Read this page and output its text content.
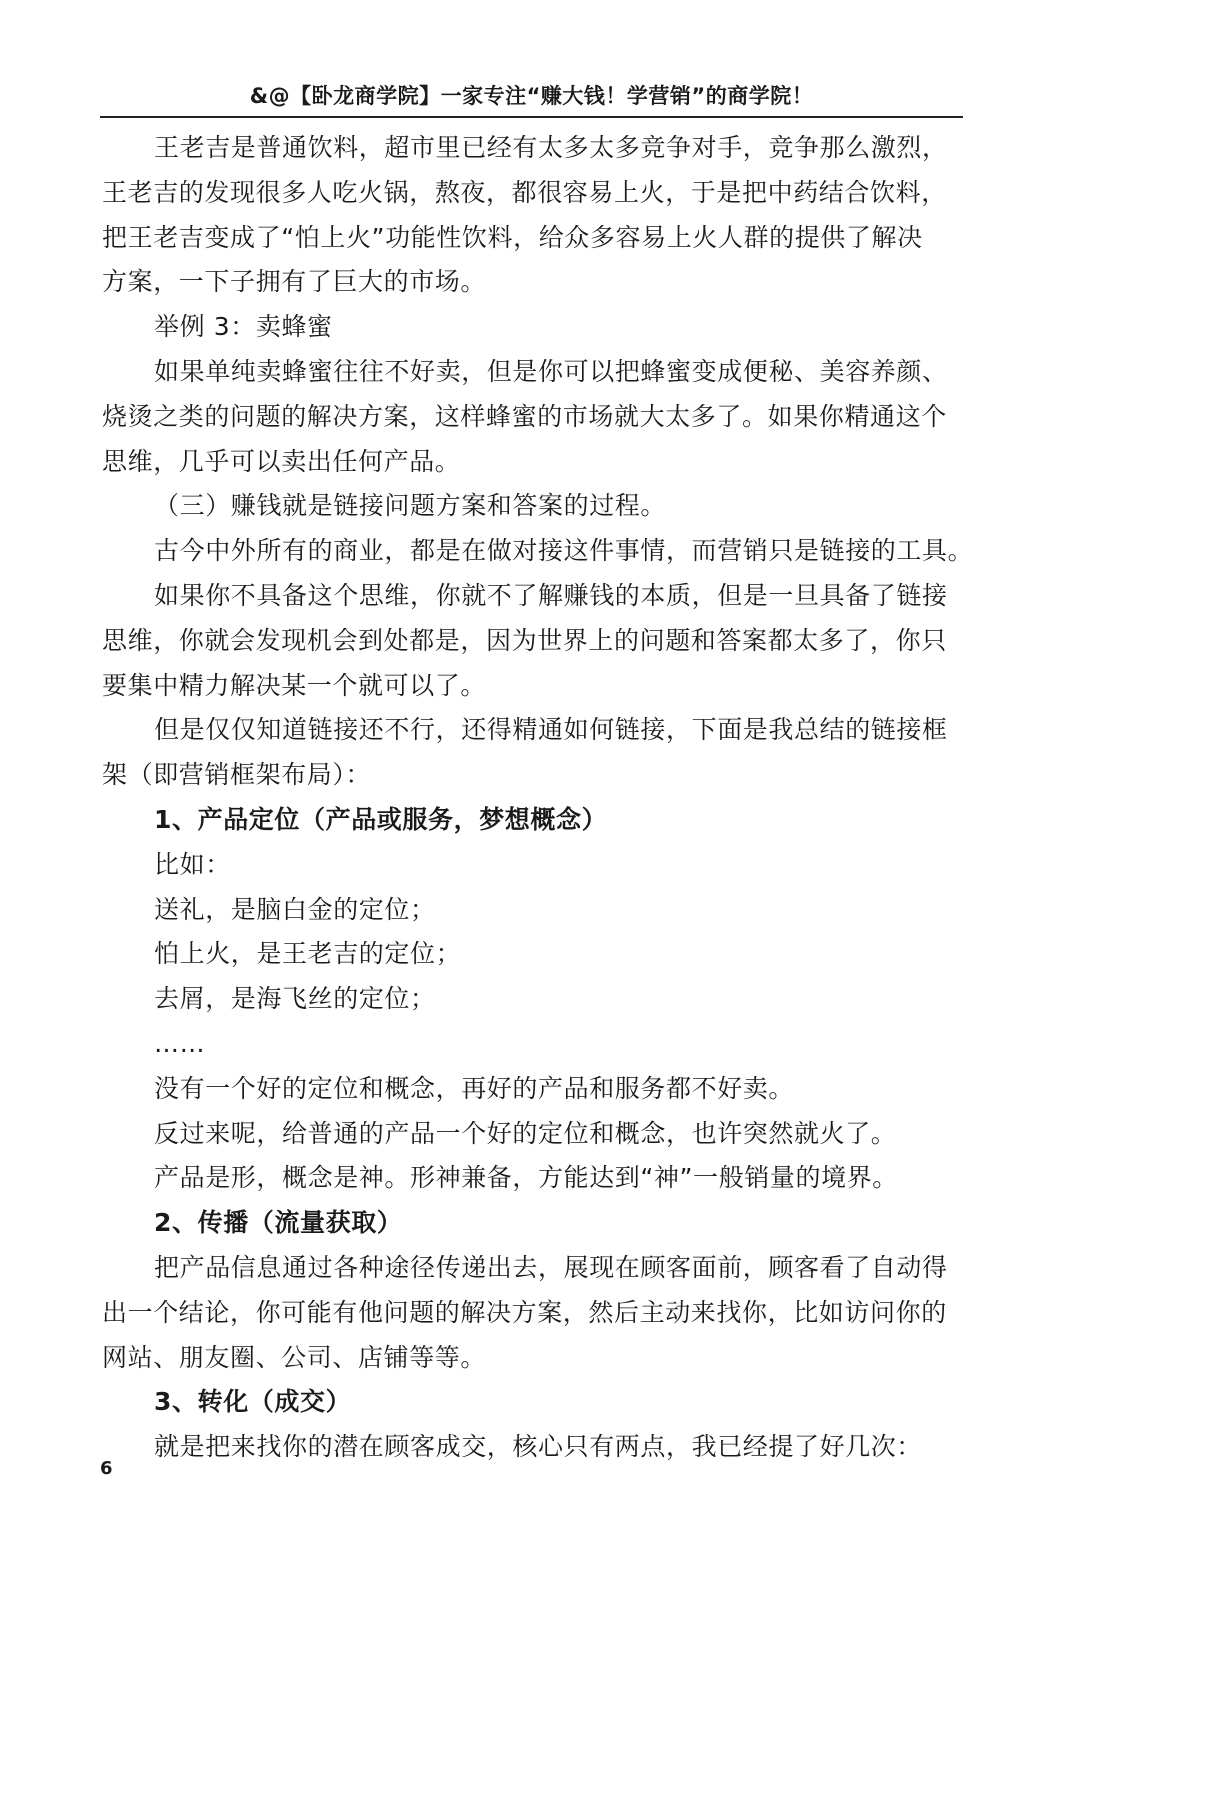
&@【卧龙商学院】一家专注“赚大钱！学营销”的商学院！

王老吉是普通饮料，超市里已经有太多太多竞争对手，竞争那么激烈，

王老吉的发现很多人吃火锅，熬夜，都很容易上火，于是把中药结合饮料，

把王老吉变成了“怕上火”功能性饮料，给众多容易上火人群的提供了解决

方案，一下子拥有了巨大的市场。

举例 3：卖蜂蜜

如果单纯卖蜂蜜往往不好卖，但是你可以把蜂蜜变成便秘、美容养颜、

烧烫之类的问题的解决方案，这样蜂蜜的市场就大太多了。如果你精通这个

思维，几乎可以卖出任何产品。

（三）赚钱就是链接问题方案和答案的过程。

古今中外所有的商业，都是在做对接这件事情，而营销只是链接的工具。

如果你不具备这个思维，你就不了解赚钱的本质，但是一旦具备了链接

思维，你就会发现机会到处都是，因为世界上的问题和答案都太多了，你只

要集中精力解决某一个就可以了。

但是仅仅知道链接还不行，还得精通如何链接，下面是我总结的链接框

架（即营销框架布局）：

1、产品定位（产品或服务，梦想概念）

比如：

送礼，是脑白金的定位；

怕上火，是王老吉的定位；

去屑，是海飞丝的定位；

……

没有一个好的定位和概念，再好的产品和服务都不好卖。

反过来呢，给普通的产品一个好的定位和概念，也许突然就火了。

产品是形，概念是神。形神兼备，方能达到“神”一般销量的境界。

2、传播（流量获取）

把产品信息通过各种途径传递出去，展现在顾客面前，顾客看了自动得

出一个结论，你可能有他问题的解决方案，然后主动来找你，比如访问你的

网站、朋友圈、公司、店铺等等。

3、转化（成交）

就是把来找你的潜在顾客成交，核心只有两点，我已经提了好几次：

6
